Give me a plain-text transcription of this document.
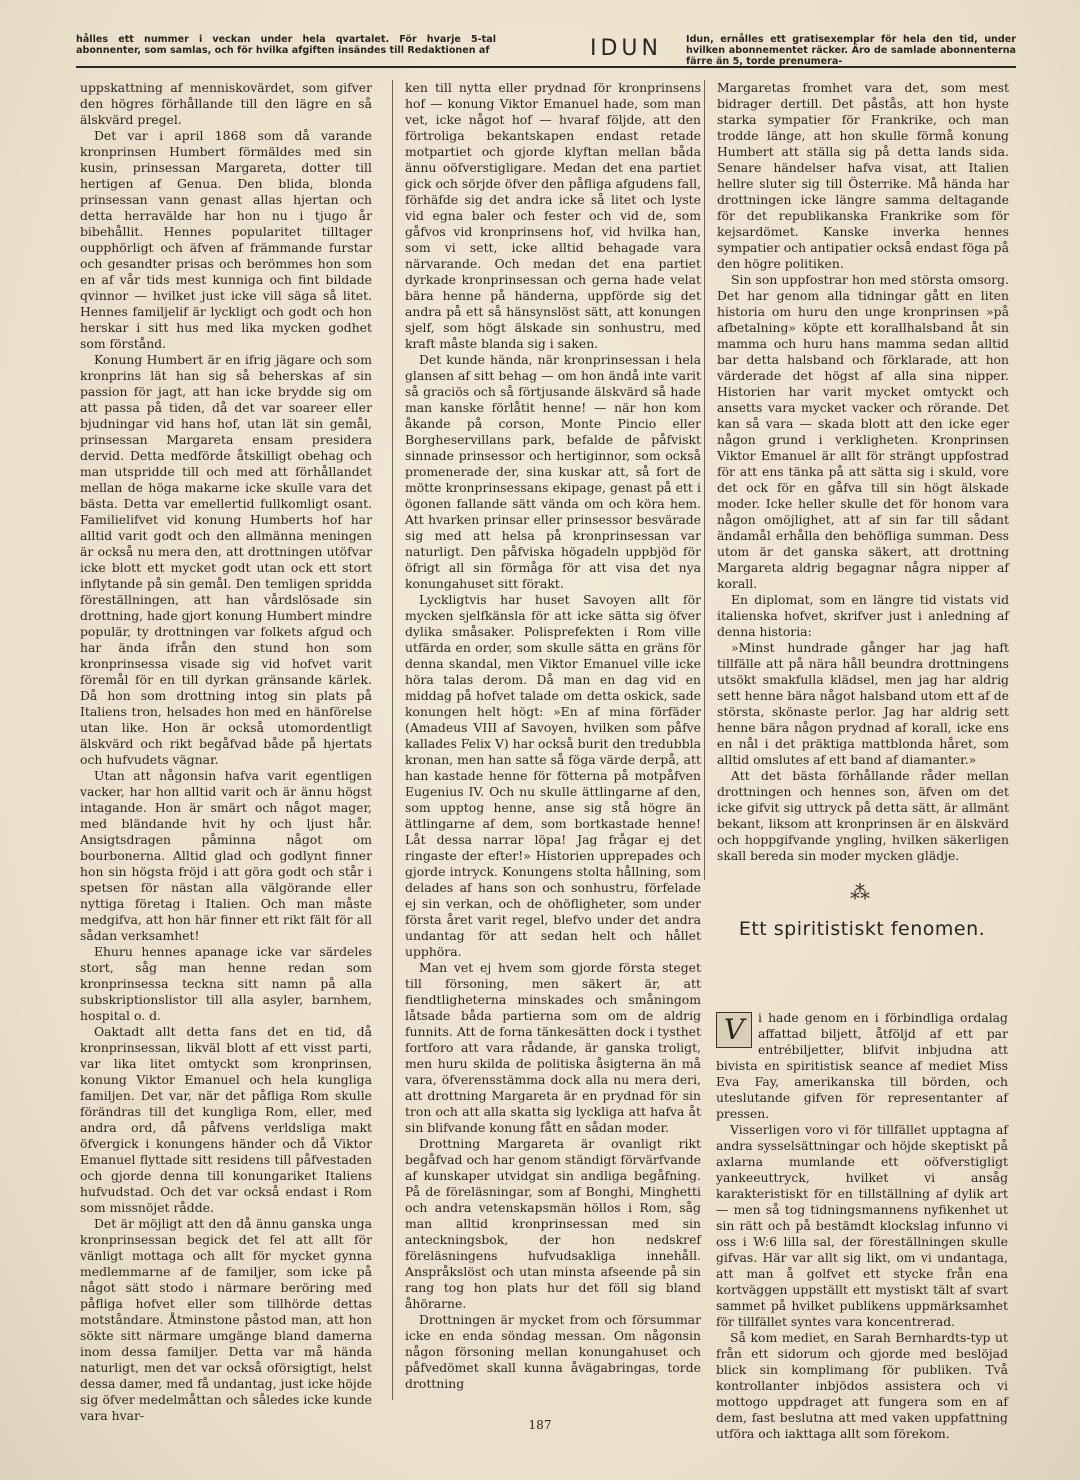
hålles ett nummer i veckan under hela qvartalet. För hvarje 5-tal abonnenter, som samlas, och för hvilka afgiften insändes till Redaktionen af	IDUN	Idun, ernålles ett gratisexemplar för hela den tid, under hvilken abonnementet räcker. Äro de samlade abonnenterna färre än 5, torde prenumera-

uppskattning af menniskovärdet, som gifver den högres förhållande till den lägre en så älskvärd pregel.

Det var i april 1868 som då varande kronprinsen Humbert förmäldes med sin kusin, prinsessan Margareta, dotter till hertigen af Genua. Den blida, blonda prinsessan vann genast allas hjertan och detta herravälde har hon nu i tjugo år bibehållit. Hennes popularitet tilltager oupphörligt och äfven af främmande furstar och gesandter prisas och berömmes hon som en af vår tids mest kunniga och fint bildade qvinnor — hvilket just icke vill säga så litet. Hennes familjelif är lyckligt och godt och hon herskar i sitt hus med lika mycken godhet som förstånd.

Konung Humbert är en ifrig jägare och som kronprins lät han sig så beherskas af sin passion för jagt, att han icke brydde sig om att passa på tiden, då det var soareer eller bjudningar vid hans hof, utan lät sin gemål, prinsessan Margareta ensam presidera dervid. Detta medförde åtskilligt obehag och man utspridde till och med att förhållandet mellan de höga makarne icke skulle vara det bästa. Detta var emellertid fullkomligt osant. Familielifvet vid konung Humberts hof har alltid varit godt och den allmänna meningen är också nu mera den, att drottningen utöfvar icke blott ett mycket godt utan ock ett stort inflytande på sin gemål. Den temligen spridda föreställningen, att han vårdslösade sin drottning, hade gjort konung Humbert mindre populär, ty drottningen var folkets afgud och har ända ifrån den stund hon som kronprinsessa visade sig vid hofvet varit föremål för en till dyrkan gränsande kärlek. Då hon som drottning intog sin plats på Italiens tron, helsades hon med en hänförelse utan like. Hon är också utomordentligt älskvärd och rikt begåfvad både på hjertats och hufvudets vägnar.

Utan att någonsin hafva varit egentligen vacker, har hon alltid varit och är ännu högst intagande. Hon är smärt och något mager, med bländande hvit hy och ljust hår. Ansigtsdragen påminna något om bourbonerna. Alltid glad och godlynt finner hon sin högsta fröjd i att göra godt och står i spetsen för nästan alla välgörande eller nyttiga företag i Italien. Och man måste medgifva, att hon här finner ett rikt fält för all sådan verksamhet!

Ehuru hennes apanage icke var särdeles stort, såg man henne redan som kronprinsessa teckna sitt namn på alla subskriptionslistor till alla asyler, barnhem, hospital o. d.

Oaktadt allt detta fans det en tid, då kronprinsessan, likväl blott af ett visst parti, var lika litet omtyckt som kronprinsen, konung Viktor Emanuel och hela kungliga familjen. Det var, när det påfliga Rom skulle förändras till det kungliga Rom, eller, med andra ord, då påfvens verldsliga makt öfvergick i konungens händer och då Viktor Emanuel flyttade sitt residens till påfvestaden och gjorde denna till konungariket Italiens hufvudstad. Och det var också endast i Rom som missnöjet rådde.

Det är möjligt att den då ännu ganska unga kronprinsessan begick det fel att allt för vänligt mottaga och allt för mycket gynna medlemmarne af de familjer, som icke på något sätt stodo i närmare beröring med påfliga hofvet eller som tillhörde dettas motståndare. Åtminstone påstod man, att hon sökte sitt närmare umgänge bland damerna inom dessa familjer. Detta var må hända naturligt, men det var också oförsigtigt, helst dessa damer, med få undantag, just icke höjde sig öfver medelmåttan och således icke kunde vara hvar-

ken till nytta eller prydnad för kronprinsens hof — konung Viktor Emanuel hade, som man vet, icke något hof — hvaraf följde, att den förtroliga bekantskapen endast retade motpartiet och gjorde klyftan mellan båda ännu oöfverstigligare. Medan det ena partiet gick och sörjde öfver den påfliga afgudens fall, förhäfde sig det andra icke så litet och lyste vid egna baler och fester och vid de, som gåfvos vid kronprinsens hof, vid hvilka han, som vi sett, icke alltid behagade vara närvarande. Och medan det ena partiet dyrkade kronprinsessan och gerna hade velat bära henne på händerna, uppförde sig det andra på ett så hänsynslöst sätt, att konungen sjelf, som högt älskade sin sonhustru, med kraft måste blanda sig i saken.

Det kunde hända, när kronprinsessan i hela glansen af sitt behag — om hon ändå inte varit så graciös och så förtjusande älskvärd så hade man kanske förlåtit henne! — när hon kom åkande på corson, Monte Pincio eller Borgheservillans park, befalde de påfviskt sinnade prinsessor och hertiginnor, som också promenerade der, sina kuskar att, så fort de mötte kronprinsessans ekipage, genast på ett i ögonen fallande sätt vända om och köra hem. Att hvarken prinsar eller prinsessor besvärade sig med att helsa på kronprinsessan var naturligt. Den påfviska högadeln uppbjöd för öfrigt all sin förmåga för att visa det nya konungahuset sitt förakt.

Lyckligtvis har huset Savoyen allt för mycken sjelfkänsla för att icke sätta sig öfver dylika småsaker. Polisprefekten i Rom ville utfärda en order, som skulle sätta en gräns för denna skandal, men Viktor Emanuel ville icke höra talas derom. Då man en dag vid en middag på hofvet talade om detta oskick, sade konungen helt högt: »En af mina förfäder (Amadeus VIII af Savoyen, hvilken som påfve kallades Felix V) har också burit den tredubbla kronan, men han satte så föga värde derpå, att han kastade henne för fötterna på motpåfven Eugenius IV. Och nu skulle ättlingarne af den, som upptog henne, anse sig stå högre än ättlingarne af dem, som bortkastade henne! Låt dessa narrar löpa! Jag frågar ej det ringaste der efter!» Historien upprepades och gjorde intryck. Konungens stolta hållning, som delades af hans son och sonhustru, förfelade ej sin verkan, och de ohöfligheter, som under första året varit regel, blefvo under det andra undantag för att sedan helt och hållet upphöra.

Man vet ej hvem som gjorde första steget till försoning, men säkert är, att fiendtligheterna minskades och småningom låtsade båda partierna som om de aldrig funnits. Att de forna tänkesätten dock i tysthet fortforo att vara rådande, är ganska troligt, men huru skilda de politiska åsigterna än må vara, öfverensstämma dock alla nu mera deri, att drottning Margareta är en prydnad för sin tron och att alla skatta sig lyckliga att hafva åt sin blifvande konung fått en sådan moder.

Drottning Margareta är ovanligt rikt begåfvad och har genom ständigt förvärfvande af kunskaper utvidgat sin andliga begåfning. På de föreläsningar, som af Bonghi, Minghetti och andra vetenskapsmän höllos i Rom, såg man alltid kronprinsessan med sin anteckningsbok, der hon nedskref föreläsningens hufvudsakliga innehåll. Anspråkslöst och utan minsta afseende på sin rang tog hon plats hur det föll sig bland åhörarne.

Drottningen är mycket from och försummar icke en enda söndag messan. Om någonsin någon försoning mellan konungahuset och påfvedömet skall kunna åvägabringas, torde drottning

Margaretas fromhet vara det, som mest bidrager dertill. Det påstås, att hon hyste starka sympatier för Frankrike, och man trodde länge, att hon skulle förmå konung Humbert att ställa sig på detta lands sida. Senare händelser hafva visat, att Italien hellre sluter sig till Österrike. Må hända har drottningen icke längre samma deltagande för det republikanska Frankrike som för kejsardömet. Kanske inverka hennes sympatier och antipatier också endast föga på den högre politiken.

Sin son uppfostrar hon med största omsorg. Det har genom alla tidningar gått en liten historia om huru den unge kronprinsen »på afbetalning» köpte ett korallhalsband åt sin mamma och huru hans mamma sedan alltid bar detta halsband och förklarade, att hon värderade det högst af alla sina nipper. Historien har varit mycket omtyckt och ansetts vara mycket vacker och rörande. Det kan så vara — skada blott att den icke eger någon grund i verkligheten. Kronprinsen Viktor Emanuel är allt för strängt uppfostrad för att ens tänka på att sätta sig i skuld, vore det ock för en gåfva till sin högt älskade moder. Icke heller skulle det för honom vara någon omöjlighet, att af sin far till sådant ändamål erhålla den behöfliga summan. Dess utom är det ganska säkert, att drottning Margareta aldrig begagnar några nipper af korall.

En diplomat, som en längre tid vistats vid italienska hofvet, skrifver just i anledning af denna historia:

»Minst hundrade gånger har jag haft tillfälle att på nära håll beundra drottningens utsökt smakfulla klädsel, men jag har aldrig sett henne bära något halsband utom ett af de största, skönaste perlor. Jag har aldrig sett henne bära någon prydnad af korall, icke ens en nål i det präktiga mattblonda håret, som alltid omslutes af ett band af diamanter.»

Att det bästa förhållande råder mellan drottningen och hennes son, äfven om det icke gifvit sig uttryck på detta sätt, är allmänt bekant, liksom att kronprinsen är en älskvärd och hoppgifvande yngling, hvilken säkerligen skall bereda sin moder mycken glädje.

⁂
Ett spiritistiskt fenomen.

V	i hade genom en i förbindliga ordalag affattad biljett, åtföljd af ett par entrébiljetter, blifvit inbjudna att bivista en spiritistisk seance af mediet Miss Eva Fay, amerikanska till börden, och uteslutande gifven för representanter af pressen.

Visserligen voro vi för tillfället upptagna af andra sysselsättningar och höjde skeptiskt på axlarna mumlande ett oöfverstigligt yankeeuttryck, hvilket vi ansåg karakteristiskt för en tillställning af dylik art — men så tog tidningsmannens nyfikenhet ut sin rätt och på bestämdt klockslag infunno vi oss i W:6 lilla sal, der föreställningen skulle gifvas. Här var allt sig likt, om vi undantaga, att man å golfvet ett stycke från ena kortväggen uppställt ett mystiskt tält af svart sammet på hvilket publikens uppmärksamhet för tillfället syntes vara koncentrerad.

Så kom mediet, en Sarah Bernhardts-typ ut från ett sidorum och gjorde med beslöjad blick sin komplimang för publiken. Två kontrollanter inbjödos assistera och vi mottogo uppdraget att fungera som en af dem, fast beslutna att med vaken uppfattning utföra och iakttaga allt som förekom.

187
